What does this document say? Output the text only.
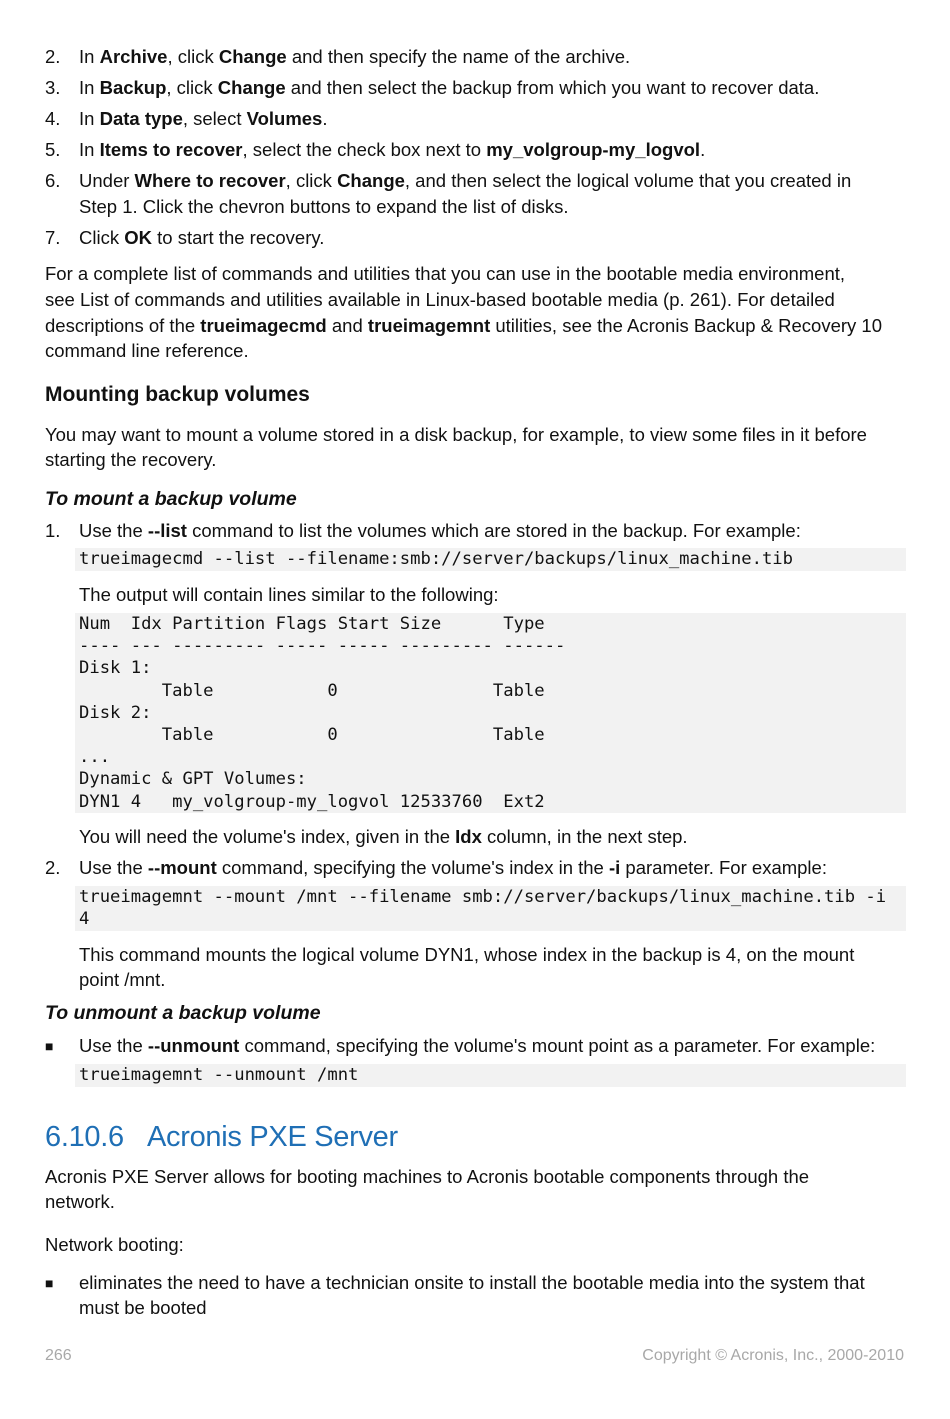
2. In Archive, click Change and then specify the name of the archive.
3. In Backup, click Change and then select the backup from which you want to recover data.
4. In Data type, select Volumes.
5. In Items to recover, select the check box next to my_volgroup-my_logvol.
6. Under Where to recover, click Change, and then select the logical volume that you created in
Step 1. Click the chevron buttons to expand the list of disks.
7. Click OK to start the recovery.
For a complete list of commands and utilities that you can use in the bootable media environment,
see List of commands and utilities available in Linux-based bootable media (p. 261). For detailed
descriptions of the trueimagecmd and trueimagemnt utilities, see the Acronis Backup & Recovery 10
command line reference.
Mounting backup volumes
You may want to mount a volume stored in a disk backup, for example, to view some files in it before
starting the recovery.
To mount a backup volume
1. Use the --list command to list the volumes which are stored in the backup. For example:
trueimagecmd --list --filename:smb://server/backups/linux_machine.tib
The output will contain lines similar to the following:
Num  Idx Partition Flags Start Size      Type
---- --- --------- ----- ----- --------- ------
Disk 1:
Table           0               Table
Disk 2:
Table           0               Table
...
Dynamic & GPT Volumes:
DYN1 4   my_volgroup-my_logvol 12533760  Ext2
You will need the volume's index, given in the Idx column, in the next step.
2. Use the --mount command, specifying the volume's index in the -i parameter. For example:
trueimagemnt --mount /mnt --filename smb://server/backups/linux_machine.tib -i
4
This command mounts the logical volume DYN1, whose index in the backup is 4, on the mount
point /mnt.
To unmount a backup volume
■ Use the --unmount command, specifying the volume's mount point as a parameter. For example:
trueimagemnt --unmount /mnt
6.10.6 Acronis PXE Server
Acronis PXE Server allows for booting machines to Acronis bootable components through the
network.
Network booting:
■ eliminates the need to have a technician onsite to install the bootable media into the system that
must be booted
266	Copyright © Acronis, Inc., 2000-2010
